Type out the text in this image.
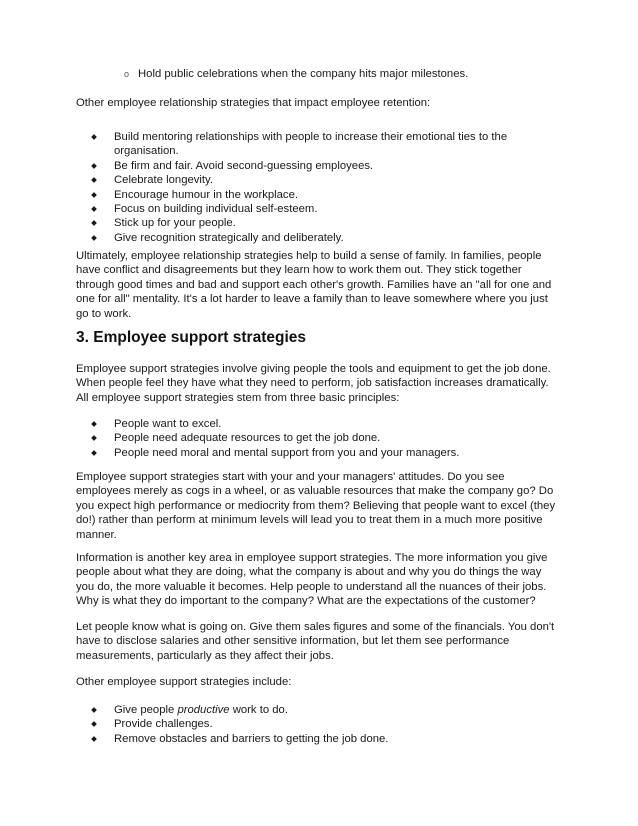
o Hold public celebrations when the company hits major milestones.

Other employee relationship strategies that impact employee retention:

Build mentoring relationships with people to increase their emotional ties to the organisation.
Be firm and fair. Avoid second-guessing employees.
Celebrate longevity.
Encourage humour in the workplace.
Focus on building individual self-esteem.
Stick up for your people.
Give recognition strategically and deliberately.

Ultimately, employee relationship strategies help to build a sense of family. In families, people have conflict and disagreements but they learn how to work them out. They stick together through good times and bad and support each other's growth. Families have an "all for one and one for all" mentality. It's a lot harder to leave a family than to leave somewhere where you just go to work.

3. Employee support strategies

Employee support strategies involve giving people the tools and equipment to get the job done. When people feel they have what they need to perform, job satisfaction increases dramatically. All employee support strategies stem from three basic principles:

People want to excel.
People need adequate resources to get the job done.
People need moral and mental support from you and your managers.

Employee support strategies start with your and your managers' attitudes. Do you see employees merely as cogs in a wheel, or as valuable resources that make the company go? Do you expect high performance or mediocrity from them? Believing that people want to excel (they do!) rather than perform at minimum levels will lead you to treat them in a much more positive manner.

Information is another key area in employee support strategies. The more information you give people about what they are doing, what the company is about and why you do things the way you do, the more valuable it becomes. Help people to understand all the nuances of their jobs. Why is what they do important to the company? What are the expectations of the customer?

Let people know what is going on. Give them sales figures and some of the financials. You don't have to disclose salaries and other sensitive information, but let them see performance measurements, particularly as they affect their jobs.

Other employee support strategies include:

Give people productive work to do.
Provide challenges.
Remove obstacles and barriers to getting the job done.
